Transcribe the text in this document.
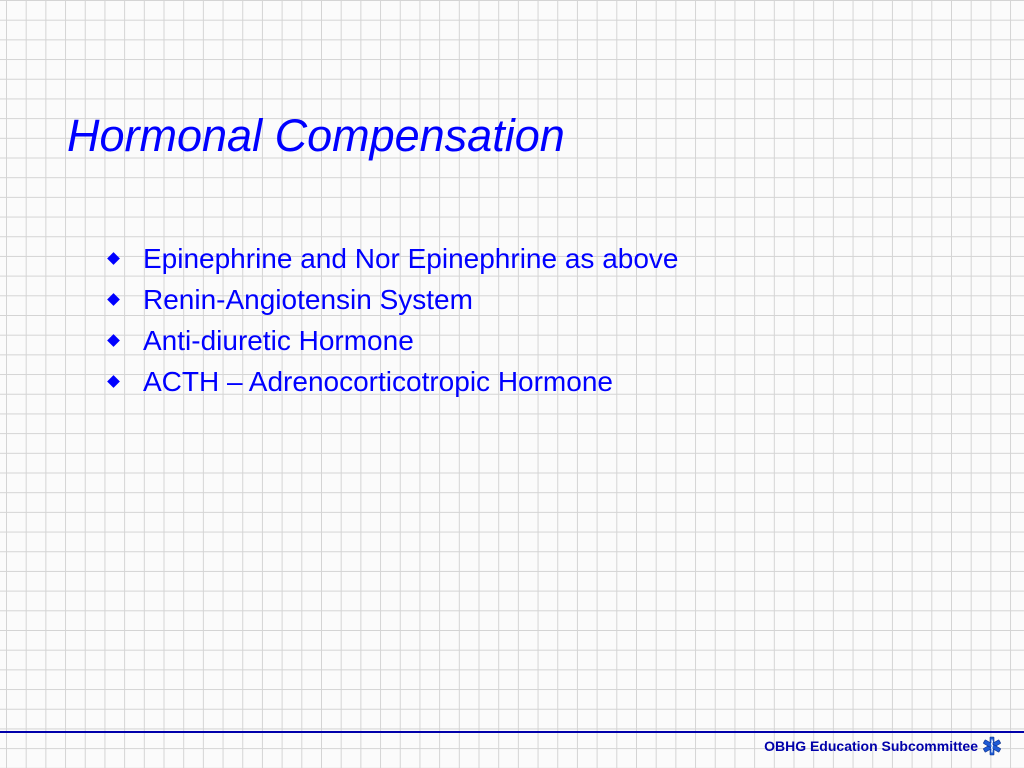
Hormonal Compensation
Epinephrine and Nor Epinephrine as above
Renin-Angiotensin System
Anti-diuretic Hormone
ACTH – Adrenocorticotropic Hormone
OBHG Education Subcommittee
